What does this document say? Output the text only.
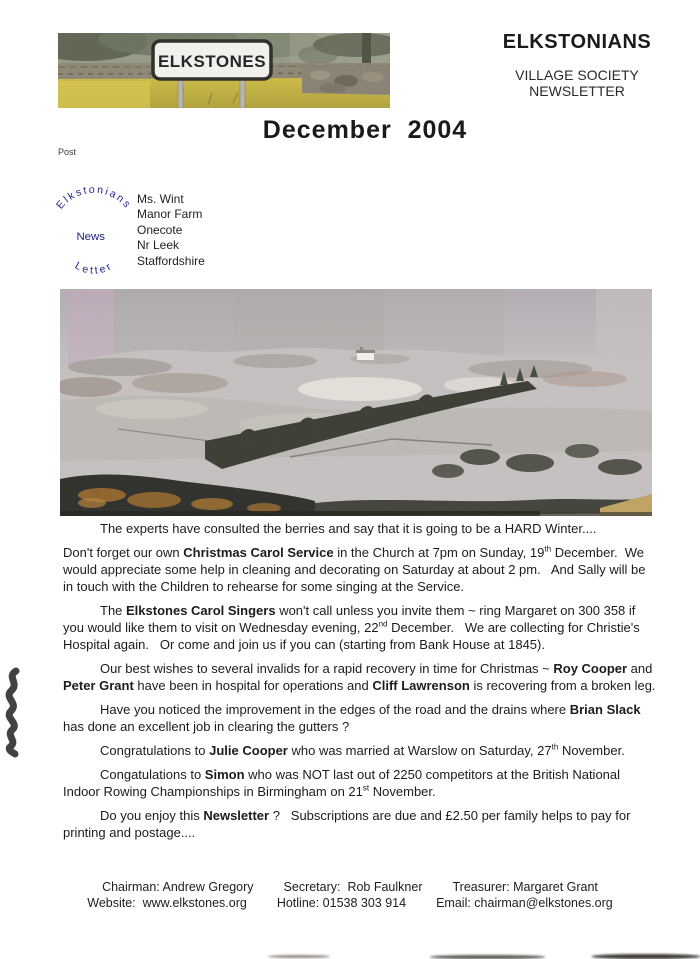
ELKSTONIANS
VILLAGE SOCIETY
NEWSLETTER
December  2004
Post
Elkstonians
News
Letter
Ms. Wint
Manor Farm
Onecote
Nr Leek
Staffordshire

The experts have consulted the berries and say that it is going to be a HARD Winter....

Don't forget our own Christmas Carol Service in the Church at 7pm on Sunday, 19th December.  We would appreciate some help in cleaning and decorating on Saturday at about 2 pm.   And Sally will be in touch with the Children to rehearse for some singing at the Service.

The Elkstones Carol Singers won't call unless you invite them ~ ring Margaret on 300 358 if you would like them to visit on Wednesday evening, 22nd December.   We are collecting for Christie's Hospital again.   Or come and join us if you can (starting from Bank House at 1845).

Our best wishes to several invalids for a rapid recovery in time for Christmas ~ Roy Cooper and Peter Grant have been in hospital for operations and Cliff Lawrenson is recovering from a broken leg.

Have you noticed the improvement in the edges of the road and the drains where Brian Slack has done an excellent job in clearing the gutters ?

Congratulations to Julie Cooper who was married at Warslow on Saturday, 27th November.

Congatulations to Simon who was NOT last out of 2250 competitors at the British National Indoor Rowing Championships in Birmingham on 21st November.

Do you enjoy this Newsletter ?   Subscriptions are due and £2.50 per family helps to pay for printing and postage....

Chairman: Andrew Gregory Secretary:  Rob Faulkner Treasurer: Margaret Grant
Website:  www.elkstones.org Hotline: 01538 303 914 Email: chairman@elkstones.org
